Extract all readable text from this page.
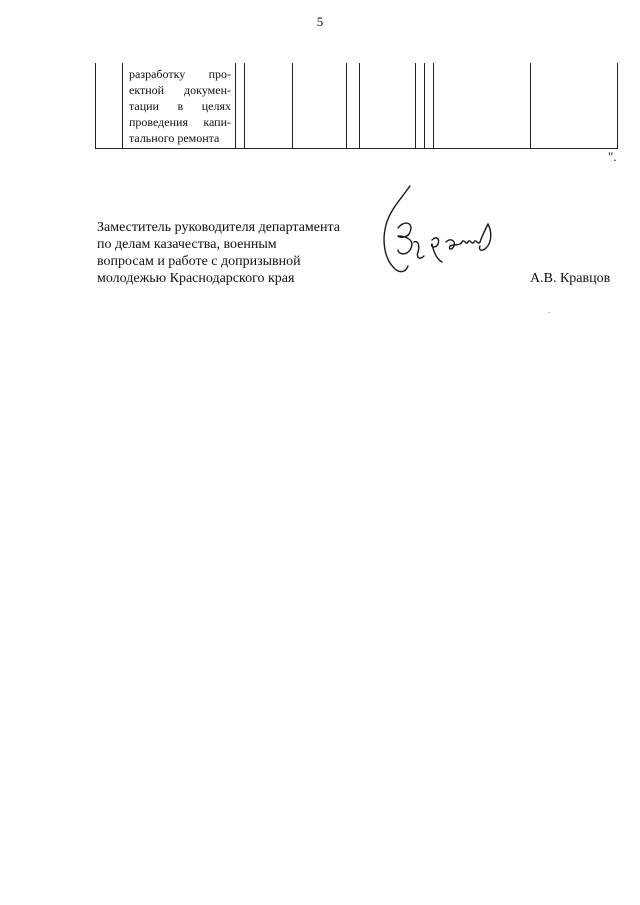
5

разработку про-
ектной докумен-
тации в целях
проведения капи-
тального ремонта

".
Заместитель руководителя департамента
по делам казачества, военным
вопросам и работе с допризывной
молодежью Краснодарского края	А.В. Кравцов
